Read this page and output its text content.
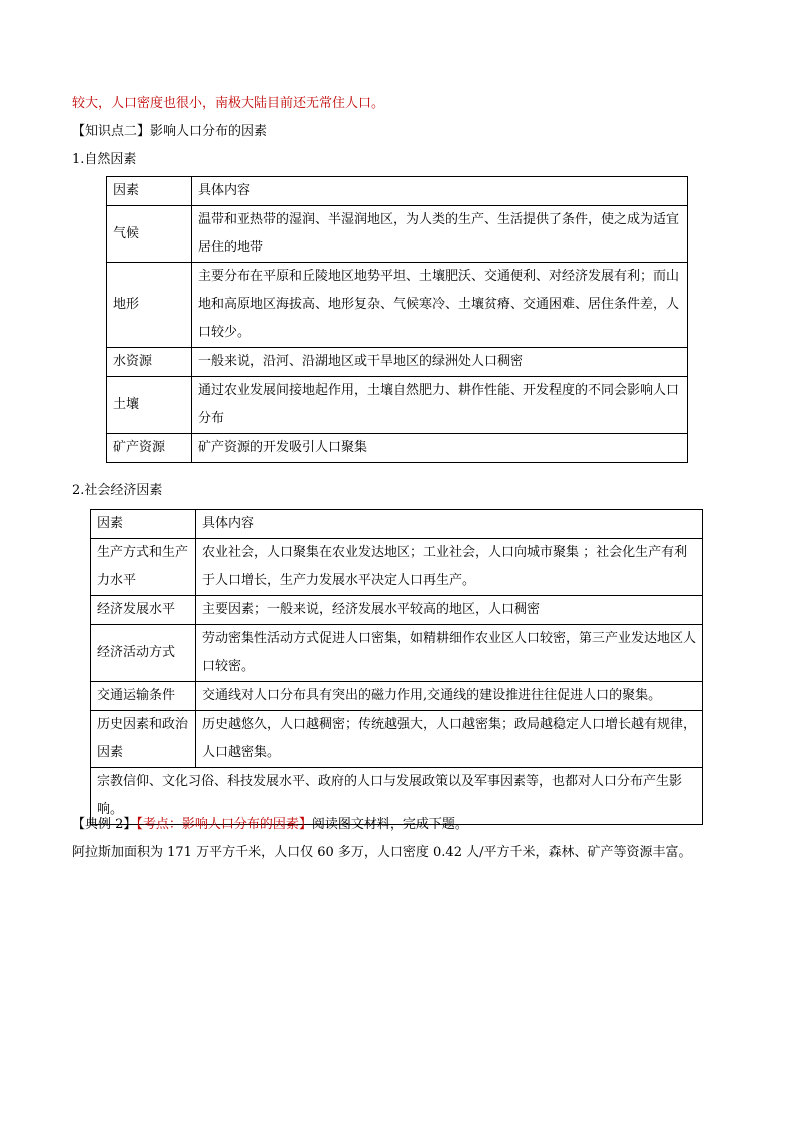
较大，人口密度也很小，南极大陆目前还无常住人口。
【知识点二】影响人口分布的因素
1.自然因素
因素	具体内容
气候	温带和亚热带的湿润、半湿润地区，为人类的生产、生活提供了条件，使之成为适宜居住的地带
地形	主要分布在平原和丘陵地区地势平坦、土壤肥沃、交通便利、对经济发展有利；而山地和高原地区海拔高、地形复杂、气候寒冷、土壤贫瘠、交通困难、居住条件差，人口较少。
水资源	一般来说，沿河、沿湖地区或干旱地区的绿洲处人口稠密
土壤	通过农业发展间接地起作用，土壤自然肥力、耕作性能、开发程度的不同会影响人口分布
矿产资源	矿产资源的开发吸引人口聚集
2.社会经济因素
因素	具体内容
生产方式和生产力水平	农业社会，人口聚集在农业发达地区；工业社会，人口向城市聚集 ；社会化生产有利于人口增长，生产力发展水平决定人口再生产。
经济发展水平	主要因素；一般来说，经济发展水平较高的地区，人口稠密
经济活动方式	劳动密集性活动方式促进人口密集，如精耕细作农业区人口较密，第三产业发达地区人口较密。
交通运输条件	交通线对人口分布具有突出的磁力作用,交通线的建设推进往往促进人口的聚集。
历史因素和政治因素	历史越悠久，人口越稠密；传统越强大，人口越密集；政局越稳定人口增长越有规律，人口越密集。
宗教信仰、文化习俗、科技发展水平、政府的人口与发展政策以及军事因素等，也都对人口分布产生影响。	
【典例 2】【考点：影响人口分布的因素】阅读图文材料，完成下题。
阿拉斯加面积为 171 万平方千米，人口仅 60 多万，人口密度 0.42 人/平方千米，森林、矿产等资源丰富。
